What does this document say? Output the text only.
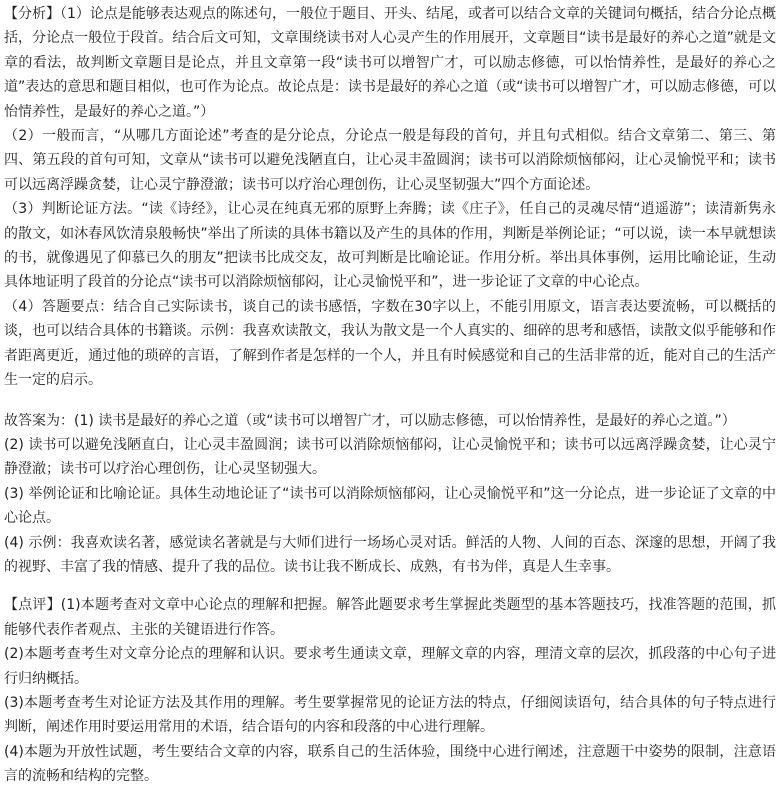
【分析】（1）论点是能够表达观点的陈述句，一般位于题目、开头、结尾，或者可以结合文章的关键词句概括，结合分论点概括，分论点一般位于段首。结合后文可知，文章围绕读书对人心灵产生的作用展开，文章题目“读书是最好的养心之道”就是文章的看法，故判断文章题目是论点，并且文章第一段“读书可以增智广才，可以励志修德，可以怡情养性，是最好的养心之道”表达的意思和题目相似，也可作为论点。故论点是：读书是最好的养心之道（或“读书可以增智广才，可以励志修德，可以怡情养性，是最好的养心之道。”）

（2）一般而言，“从哪几方面论述”考查的是分论点，分论点一般是每段的首句，并且句式相似。结合文章第二、第三、第四、第五段的首句可知，文章从“读书可以避免浅陋直白，让心灵丰盈圆润；读书可以消除烦恼郁闷，让心灵愉悦平和；读书可以远离浮躁贪婪，让心灵宁静澄澈；读书可以疗治心理创伤，让心灵坚韧强大”四个方面论述。

（3）判断论证方法。“读《诗经》，让心灵在纯真无邪的原野上奔腾；读《庄子》，任自己的灵魂尽情“逍遥游”；读清新隽永的散文，如沐春风饮清泉般畅快”举出了所读的具体书籍以及产生的具体的作用，判断是举例论证；“可以说，读一本早就想读的书，就像遇见了仰慕已久的朋友”把读书比成交友，故可判断是比喻论证。作用分析。举出具体事例，运用比喻论证，生动具体地证明了段首的分论点“读书可以消除烦恼郁闷，让心灵愉悦平和”，进一步论证了文章的中心论点。

（4）答题要点：结合自己实际读书，谈自己的读书感悟，字数在30字以上，不能引用原文，语言表达要流畅，可以概括的谈，也可以结合具体的书籍谈。示例：我喜欢读散文，我认为散文是一个人真实的、细碎的思考和感悟，读散文似乎能够和作者距离更近，通过他的琐碎的言语，了解到作者是怎样的一个人，并且有时候感觉和自己的生活非常的近，能对自己的生活产生一定的启示。

故答案为：(1) 读书是最好的养心之道（或“读书可以增智广才，可以励志修德，可以怡情养性，是最好的养心之道。”）

(2) 读书可以避免浅陋直白，让心灵丰盈圆润；读书可以消除烦恼郁闷，让心灵愉悦平和；读书可以远离浮躁贪婪，让心灵宁静澄澈；读书可以疗治心理创伤，让心灵坚韧强大。

(3) 举例论证和比喻论证。具体生动地论证了“读书可以消除烦恼郁闷，让心灵愉悦平和”这一分论点，进一步论证了文章的中心论点。

(4) 示例：我喜欢读名著，感觉读名著就是与大师们进行一场场心灵对话。鲜活的人物、人间的百态、深邃的思想，开阔了我的视野、丰富了我的情感、提升了我的品位。读书让我不断成长、成熟，有书为伴，真是人生幸事。

【点评】(1)本题考查对文章中心论点的理解和把握。解答此题要求考生掌握此类题型的基本答题技巧，找准答题的范围，抓能够代表作者观点、主张的关键语进行作答。

(2)本题考查考生对文章分论点的理解和认识。要求考生通读文章，理解文章的内容，理清文章的层次，抓段落的中心句子进行归纳概括。

(3)本题考查考生对论证方法及其作用的理解。考生要掌握常见的论证方法的特点，仔细阅读语句，结合具体的句子特点进行判断，阐述作用时要运用常用的术语，结合语句的内容和段落的中心进行理解。

(4)本题为开放性试题，考生要结合文章的内容，联系自己的生活体验，围绕中心进行阐述，注意题干中姿势的限制，注意语言的流畅和结构的完整。
